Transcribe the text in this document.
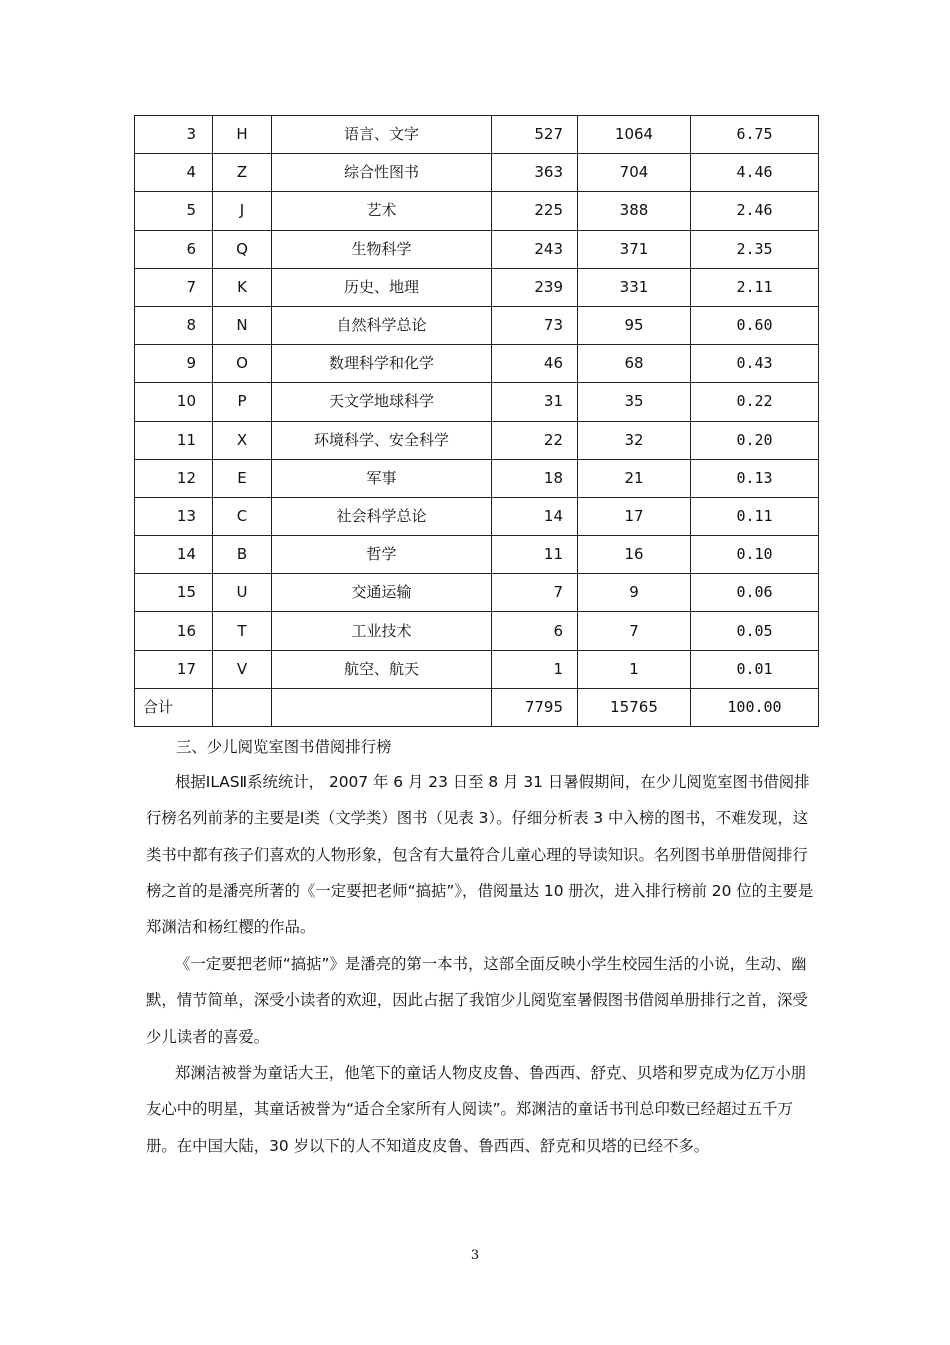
3	H	语言、文字	527	1064	6.75
4	Z	综合性图书	363	704	4.46
5	J	艺术	225	388	2.46
6	Q	生物科学	243	371	2.35
7	K	历史、地理	239	331	2.11
8	N	自然科学总论	73	95	0.60
9	O	数理科学和化学	46	68	0.43
10	P	天文学地球科学	31	35	0.22
11	X	环境科学、安全科学	22	32	0.20
12	E	军事	18	21	0.13
13	C	社会科学总论	14	17	0.11
14	B	哲学	11	16	0.10
15	U	交通运输	7	9	0.06
16	T	工业技术	6	7	0.05
17	V	航空、航天	1	1	0.01
合计			7795	15765	100.00
三、少儿阅览室图书借阅排行榜
根据ⅠLASⅡ系统统计， 2007 年 6 月 23 日至 8 月 31 日暑假期间，在少儿阅览室图书借阅排行榜名列前茅的主要是Ⅰ类（文学类）图书（见表 3）。仔细分析表 3 中入榜的图书，不难发现，这类书中都有孩子们喜欢的人物形象，包含有大量符合儿童心理的导读知识。名列图书单册借阅排行榜之首的是潘亮所著的《一定要把老师“搞掂”》，借阅量达 10 册次，进入排行榜前 20 位的主要是郑渊洁和杨红樱的作品。
《一定要把老师“搞掂”》是潘亮的第一本书，这部全面反映小学生校园生活的小说，生动、幽默，情节简单，深受小读者的欢迎，因此占据了我馆少儿阅览室暑假图书借阅单册排行之首，深受少儿读者的喜爱。
郑渊洁被誉为童话大王，他笔下的童话人物皮皮鲁、鲁西西、舒克、贝塔和罗克成为亿万小朋友心中的明星，其童话被誉为“适合全家所有人阅读”。郑渊洁的童话书刊总印数已经超过五千万册。在中国大陆，30 岁以下的人不知道皮皮鲁、鲁西西、舒克和贝塔的已经不多。
3
